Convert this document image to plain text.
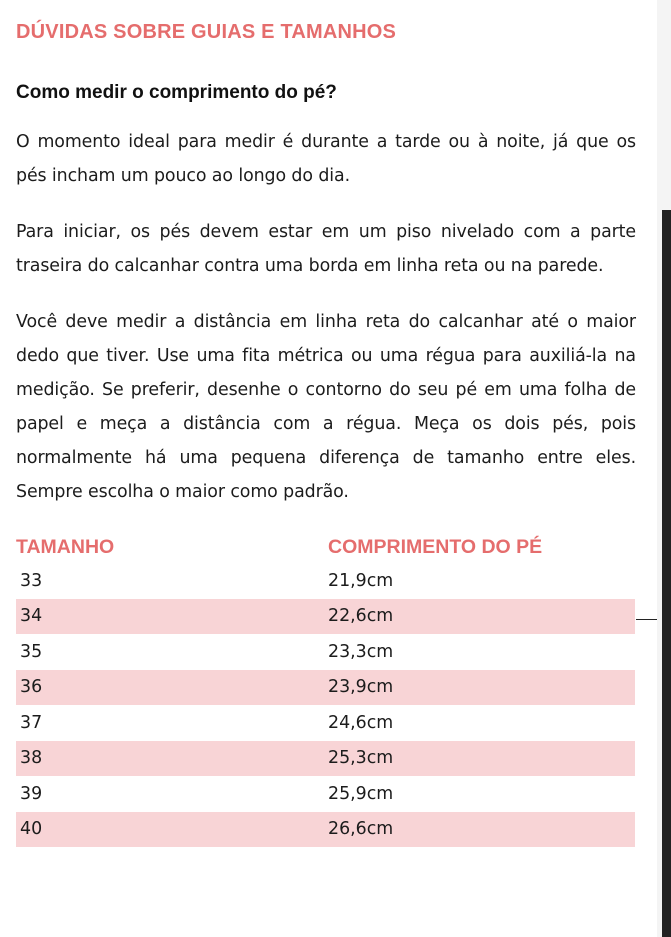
DÚVIDAS SOBRE GUIAS E TAMANHOS
Como medir o comprimento do pé?

O momento ideal para medir é durante a tarde ou à noite, já que os pés incham um pouco ao longo do dia.

Para iniciar, os pés devem estar em um piso nivelado com a parte traseira do calcanhar contra uma borda em linha reta ou na parede.

Você deve medir a distância em linha reta do calcanhar até o maior dedo que tiver. Use uma fita métrica ou uma régua para auxiliá-la na medição. Se preferir, desenhe o contorno do seu pé em uma folha de papel e meça a distância com a régua. Meça os dois pés, pois normalmente há uma pequena diferença de tamanho entre eles. Sempre escolha o maior como padrão.

TAMANHO	COMPRIMENTO DO PÉ
33	21,9cm
34	22,6cm
35	23,3cm
36	23,9cm
37	24,6cm
38	25,3cm
39	25,9cm
40	26,6cm
